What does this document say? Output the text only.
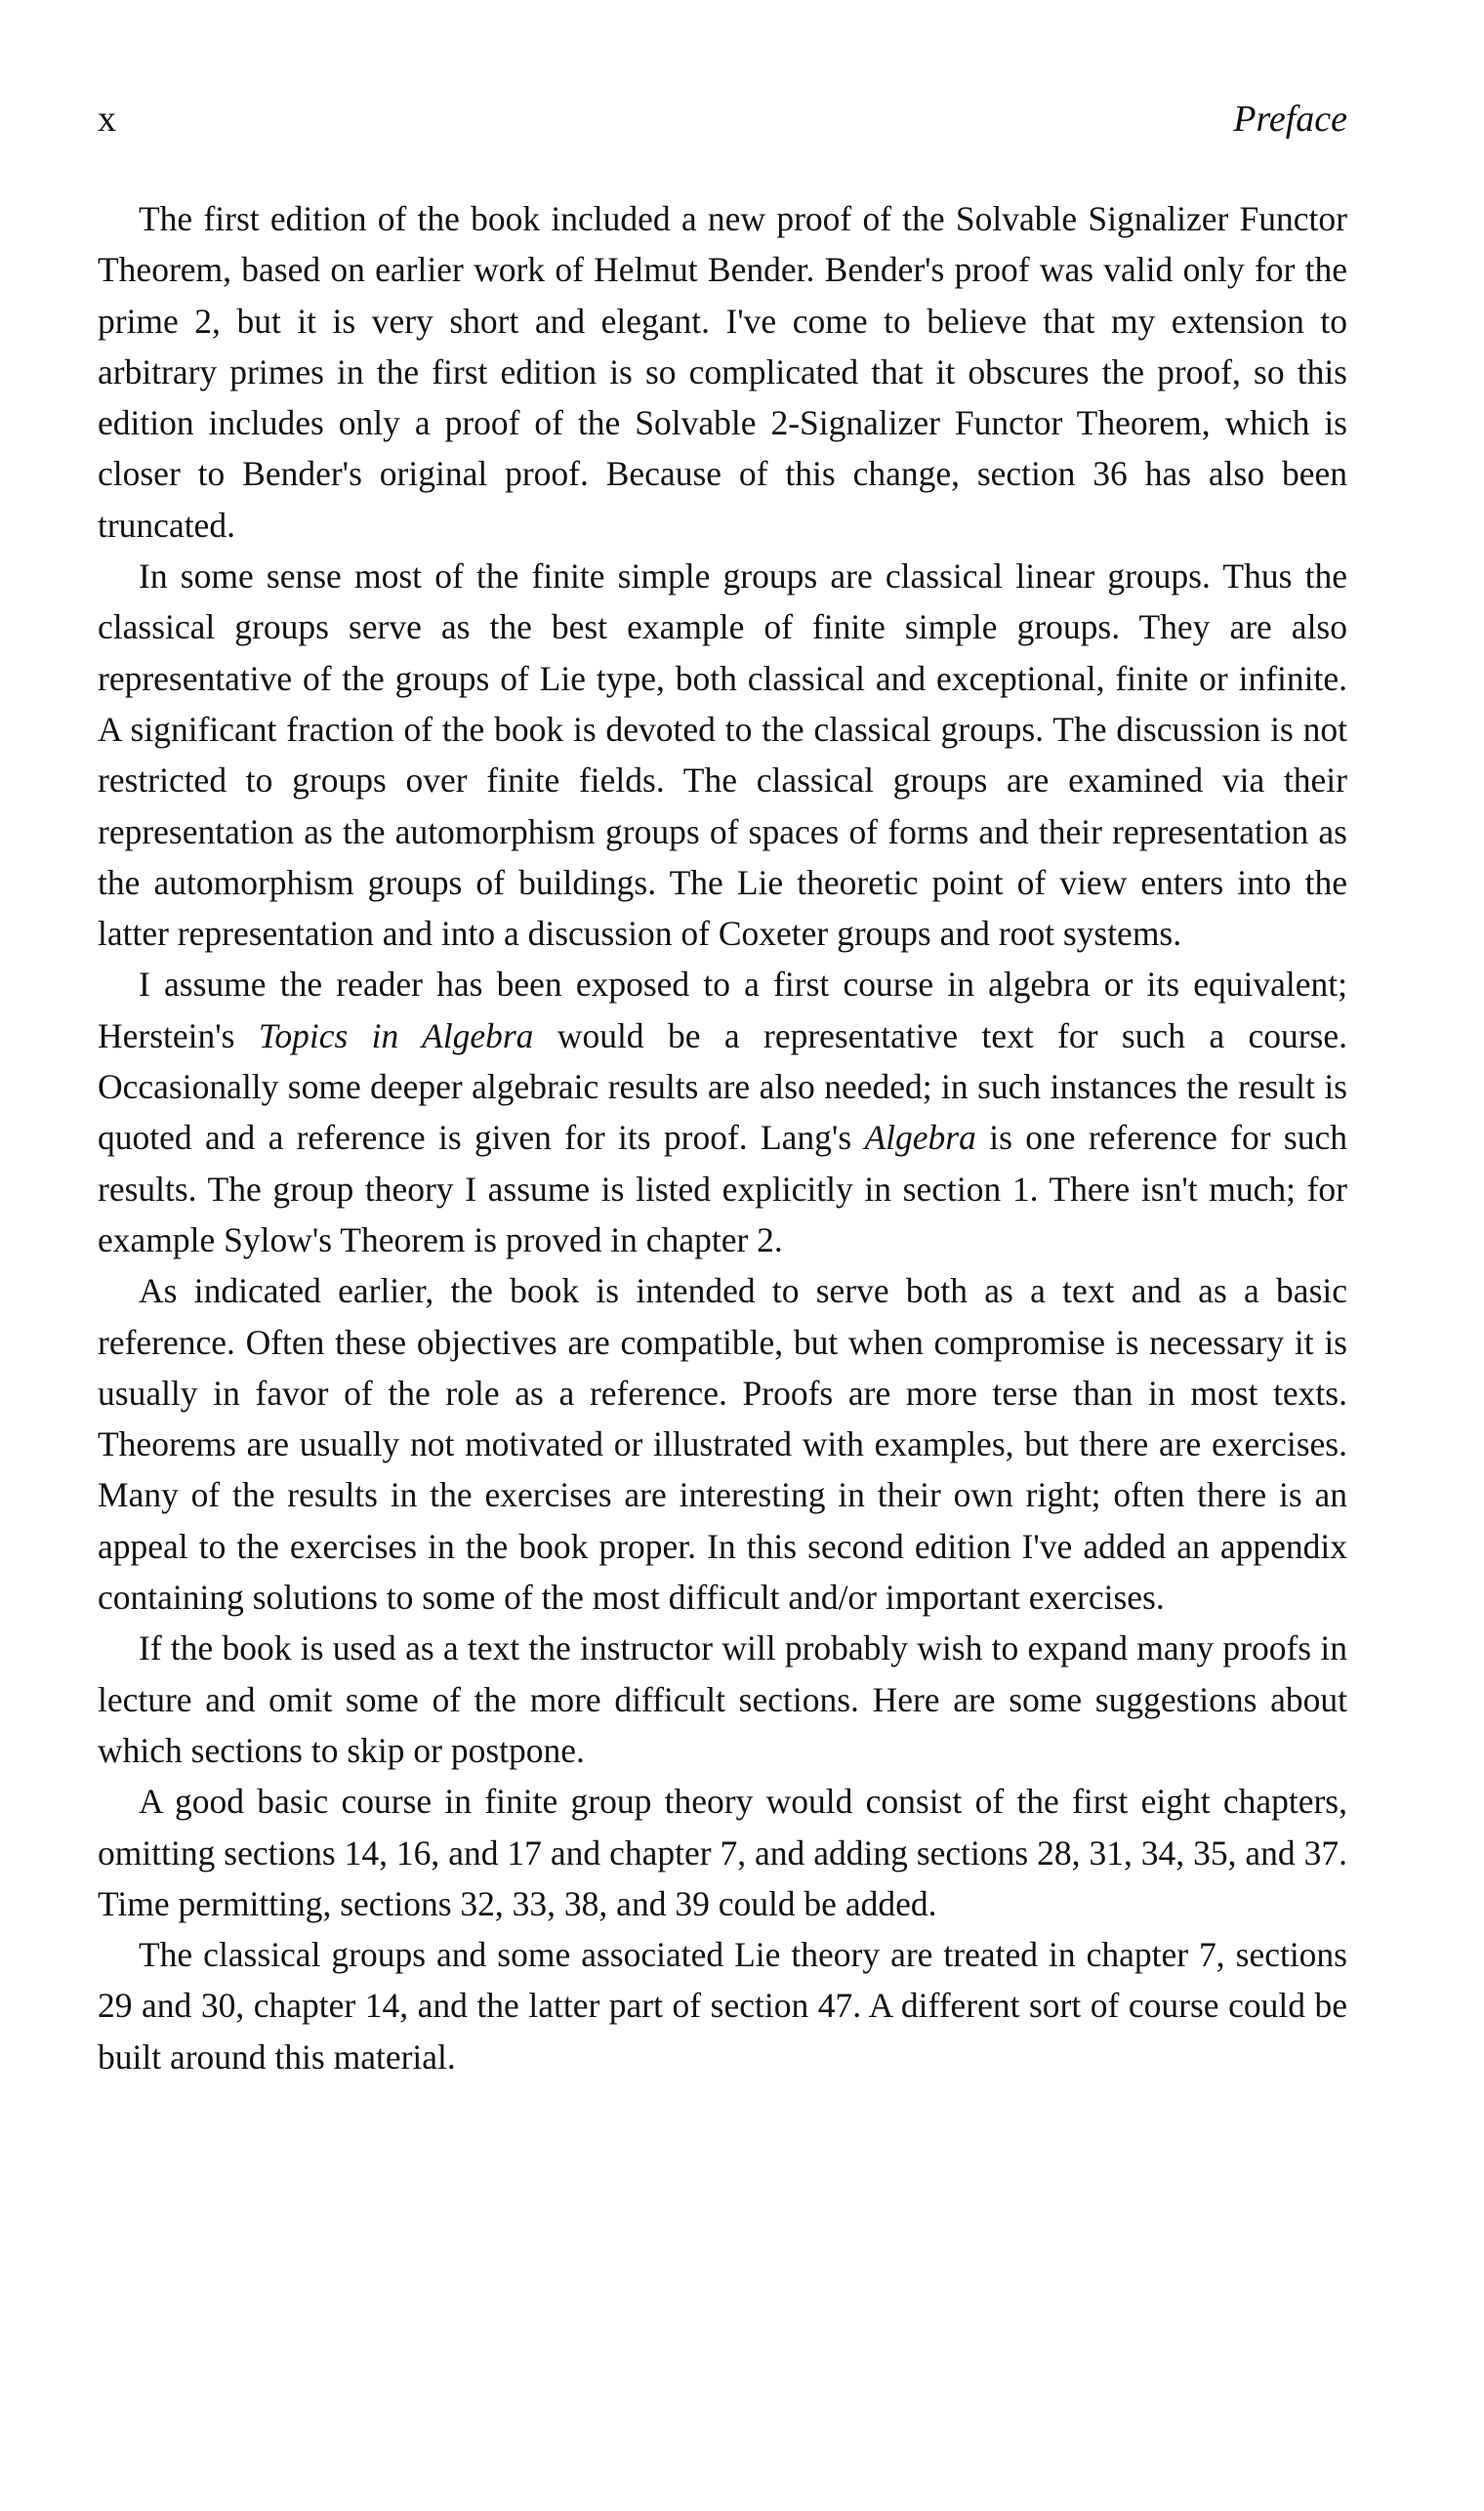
x	Preface

The first edition of the book included a new proof of the Solvable Signalizer Functor Theorem, based on earlier work of Helmut Bender. Bender's proof was valid only for the prime 2, but it is very short and elegant. I've come to believe that my extension to arbitrary primes in the first edition is so complicated that it obscures the proof, so this edition includes only a proof of the Solvable 2-Signalizer Functor Theorem, which is closer to Bender's original proof. Because of this change, section 36 has also been truncated.

In some sense most of the finite simple groups are classical linear groups. Thus the classical groups serve as the best example of finite simple groups. They are also representative of the groups of Lie type, both classical and exceptional, finite or infinite. A significant fraction of the book is devoted to the classical groups. The discussion is not restricted to groups over finite fields. The classical groups are examined via their representation as the automorphism groups of spaces of forms and their representation as the automorphism groups of buildings. The Lie theoretic point of view enters into the latter representation and into a discussion of Coxeter groups and root systems.

I assume the reader has been exposed to a first course in algebra or its equivalent; Herstein's Topics in Algebra would be a representative text for such a course. Occasionally some deeper algebraic results are also needed; in such instances the result is quoted and a reference is given for its proof. Lang's Algebra is one reference for such results. The group theory I assume is listed explicitly in section 1. There isn't much; for example Sylow's Theorem is proved in chapter 2.

As indicated earlier, the book is intended to serve both as a text and as a basic reference. Often these objectives are compatible, but when compromise is necessary it is usually in favor of the role as a reference. Proofs are more terse than in most texts. Theorems are usually not motivated or illustrated with examples, but there are exercises. Many of the results in the exercises are interesting in their own right; often there is an appeal to the exercises in the book proper. In this second edition I've added an appendix containing solutions to some of the most difficult and/or important exercises.

If the book is used as a text the instructor will probably wish to expand many proofs in lecture and omit some of the more difficult sections. Here are some suggestions about which sections to skip or postpone.

A good basic course in finite group theory would consist of the first eight chapters, omitting sections 14, 16, and 17 and chapter 7, and adding sections 28, 31, 34, 35, and 37. Time permitting, sections 32, 33, 38, and 39 could be added.

The classical groups and some associated Lie theory are treated in chapter 7, sections 29 and 30, chapter 14, and the latter part of section 47. A different sort of course could be built around this material.
